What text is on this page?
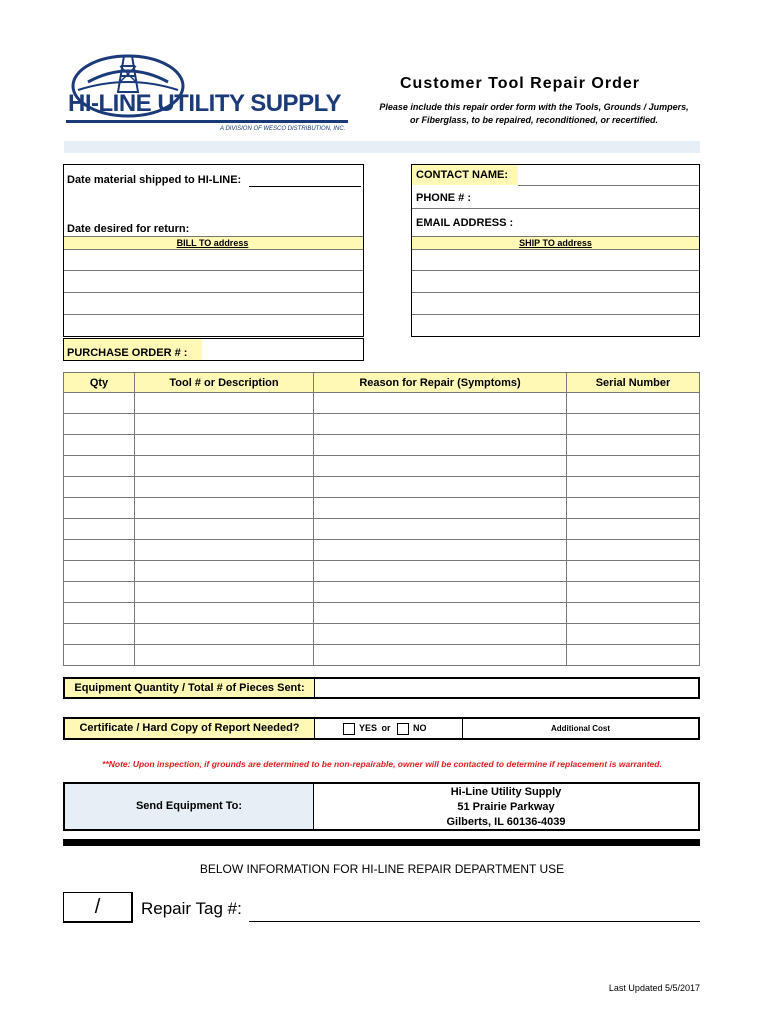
HI-LINE UTILITY SUPPLY
A DIVISION OF WESCO DISTRIBUTION, INC.
Customer Tool Repair Order
Please include this repair order form with the Tools, Grounds / Jumpers,
or Fiberglass, to be repaired, reconditioned, or recertified.
Date material shipped to HI-LINE:
Date desired for return:
BILL TO address
CONTACT NAME:
PHONE # :
EMAIL ADDRESS :
SHIP TO address
PURCHASE ORDER # :
Qty	Tool # or Description	Reason for Repair (Symptoms)	Serial Number

Equipment Quantity / Total # of Pieces Sent:
Certificate / Hard Copy of Report Needed?	YES or	NO	Additional Cost
**Note: Upon inspection, if grounds are determined to be non-repairable, owner will be contacted to determine if replacement is warranted.
Send Equipment To:
Hi-Line Utility Supply
51 Prairie Parkway
Gilberts, IL 60136-4039
BELOW INFORMATION FOR HI-LINE REPAIR DEPARTMENT USE
/	Repair Tag #:
Last Updated 5/5/2017
